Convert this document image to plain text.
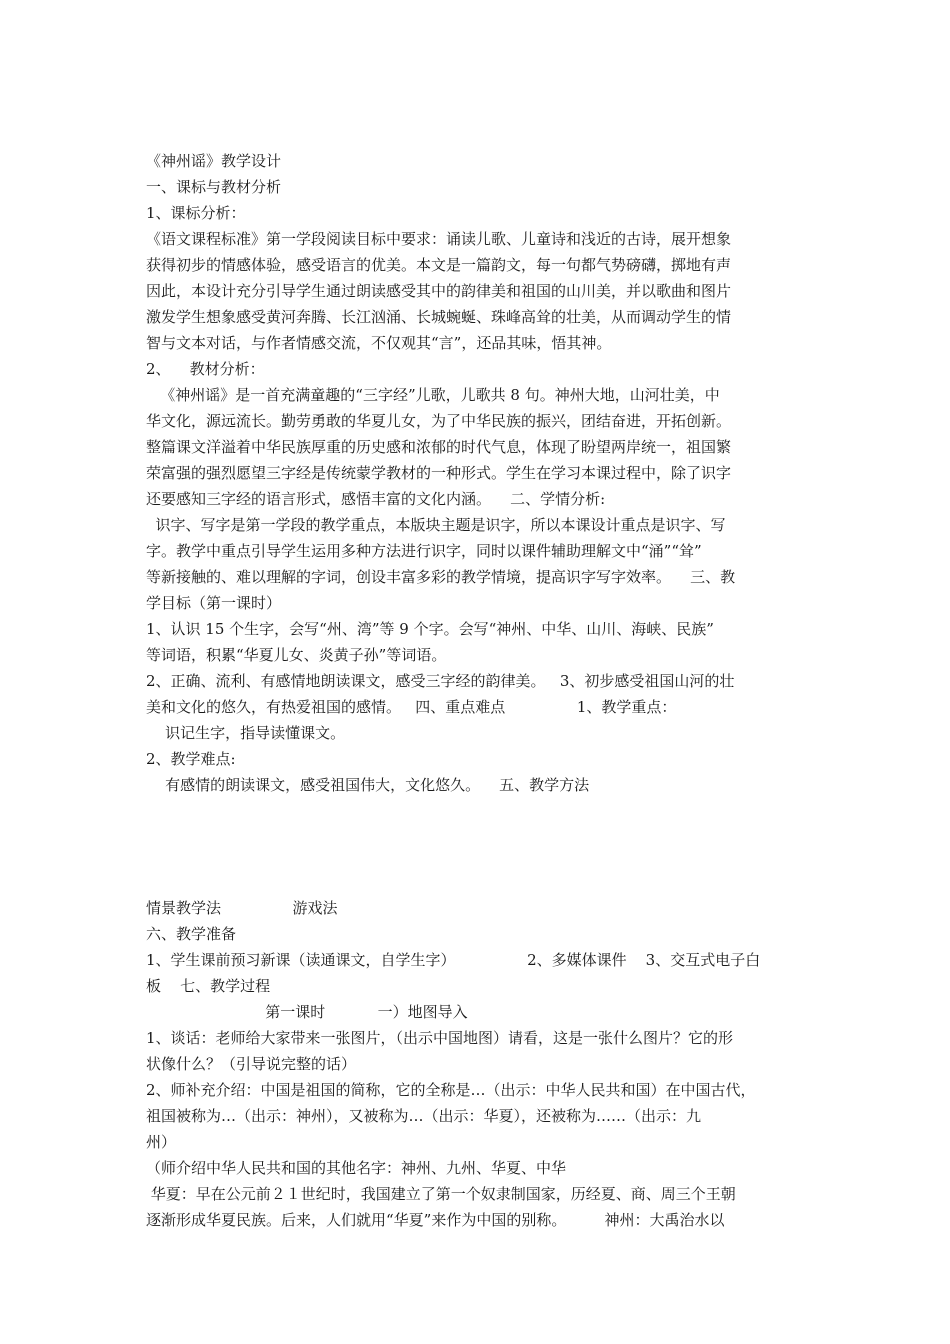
《神州谣》教学设计
一、课标与教材分析
1、课标分析：
《语文课程标准》第一学段阅读目标中要求：诵读儿歌、儿童诗和浅近的古诗，展开想象
获得初步的情感体验，感受语言的优美。本文是一篇韵文，每一句都气势磅礴，掷地有声
因此，本设计充分引导学生通过朗读感受其中的韵律美和祖国的山川美，并以歌曲和图片
激发学生想象感受黄河奔腾、长江汹涌、长城蜿蜒、珠峰高耸的壮美，从而调动学生的情
智与文本对话，与作者情感交流，不仅观其“言”，还品其味，悟其神。
2、    教材分析：
《神州谣》是一首充满童趣的“三字经”儿歌，儿歌共 8 句。神州大地，山河壮美，中
华文化，源远流长。勤劳勇敢的华夏儿女，为了中华民族的振兴，团结奋进，开拓创新。
整篇课文洋溢着中华民族厚重的历史感和浓郁的时代气息，体现了盼望两岸统一，祖国繁
荣富强的强烈愿望三字经是传统蒙学教材的一种形式。学生在学习本课过程中，除了识字
还要感知三字经的语言形式，感悟丰富的文化内涵。    二、学情分析:
识字、写字是第一学段的教学重点，本版块主题是识字，所以本课设计重点是识字、写
字。教学中重点引导学生运用多种方法进行识字，同时以课件辅助理解文中“涌”“耸”
等新接触的、难以理解的字词，创设丰富多彩的教学情境，提高识字写字效率。    三、教
学目标（第一课时）
1、认识 15 个生字，会写“州、湾”等 9 个字。会写“神州、中华、山川、海峡、民族”
等词语，积累“华夏儿女、炎黄子孙”等词语。
2、正确、流利、有感情地朗读课文，感受三字经的韵律美。   3、初步感受祖国山河的壮
美和文化的悠久，有热爱祖国的感情。   四、重点难点               1、教学重点：
识记生字，指导读懂课文。
2、教学难点:
有感情的朗读课文，感受祖国伟大，文化悠久。    五、教学方法
情景教学法               游戏法
六、教学准备
1、学生课前预习新课（读通课文，自学生字）               2、多媒体课件    3、交互式电子白
板    七、教学过程
第一课时           一）地图导入
1、谈话：老师给大家带来一张图片，（出示中国地图）请看，这是一张什么图片？它的形
状像什么？（引导说完整的话）
2、师补充介绍：中国是祖国的简称，它的全称是…（出示：中华人民共和国）在中国古代，
祖国被称为…（出示：神州），又被称为…（出示：华夏），还被称为……（出示：九
州）
（师介绍中华人民共和国的其他名字：神州、九州、华夏、中华
华夏：早在公元前２１世纪时，我国建立了第一个奴隶制国家，历经夏、商、周三个王朝
逐渐形成华夏民族。后来，人们就用“华夏”来作为中国的别称。        神州：大禹治水以
